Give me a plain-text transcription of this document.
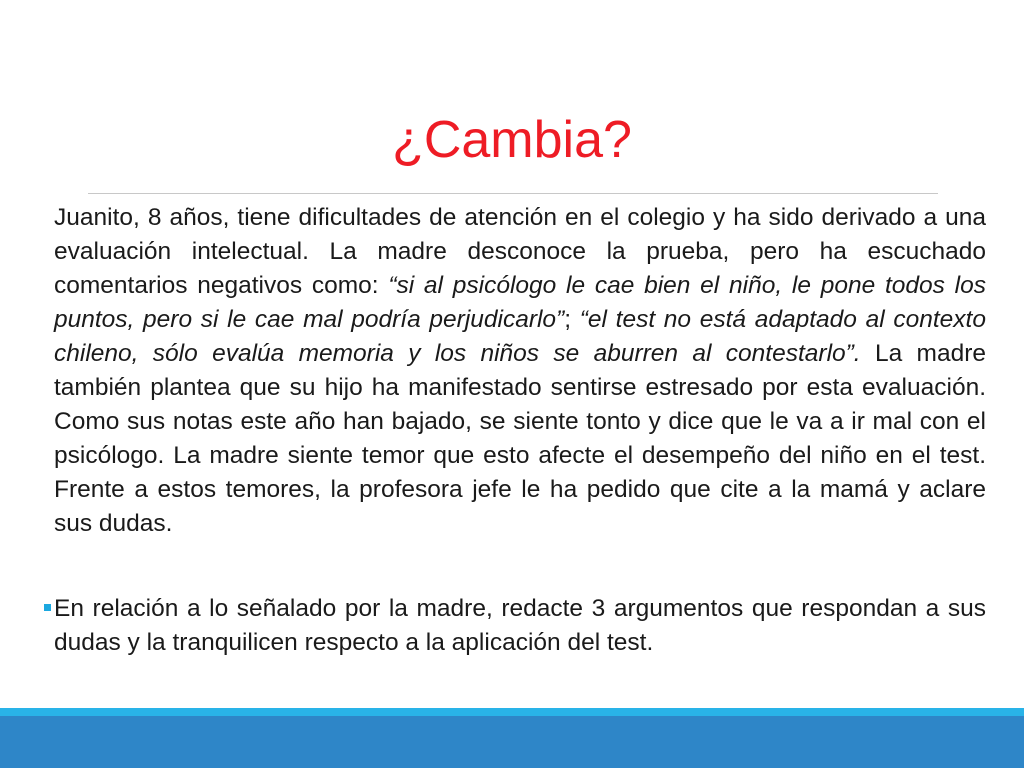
¿Cambia?

Juanito, 8 años, tiene dificultades de atención en el colegio y ha sido derivado a una evaluación intelectual. La madre desconoce la prueba, pero ha escuchado comentarios negativos como: “si al psicólogo le cae bien el niño, le pone todos los puntos, pero si le cae mal podría perjudicarlo”; “el test no está adaptado al contexto chileno, sólo evalúa memoria y los niños se aburren al contestarlo”. La madre también plantea que su hijo ha manifestado sentirse estresado por esta evaluación. Como sus notas este año han bajado, se siente tonto y dice que le va a ir mal con el psicólogo. La madre siente temor que esto afecte el desempeño del niño en el test. Frente a estos temores, la profesora jefe le ha pedido que cite a la mamá y aclare sus dudas.

En relación a lo señalado por la madre, redacte 3 argumentos que respondan a sus dudas y la tranquilicen respecto a la aplicación del test.
